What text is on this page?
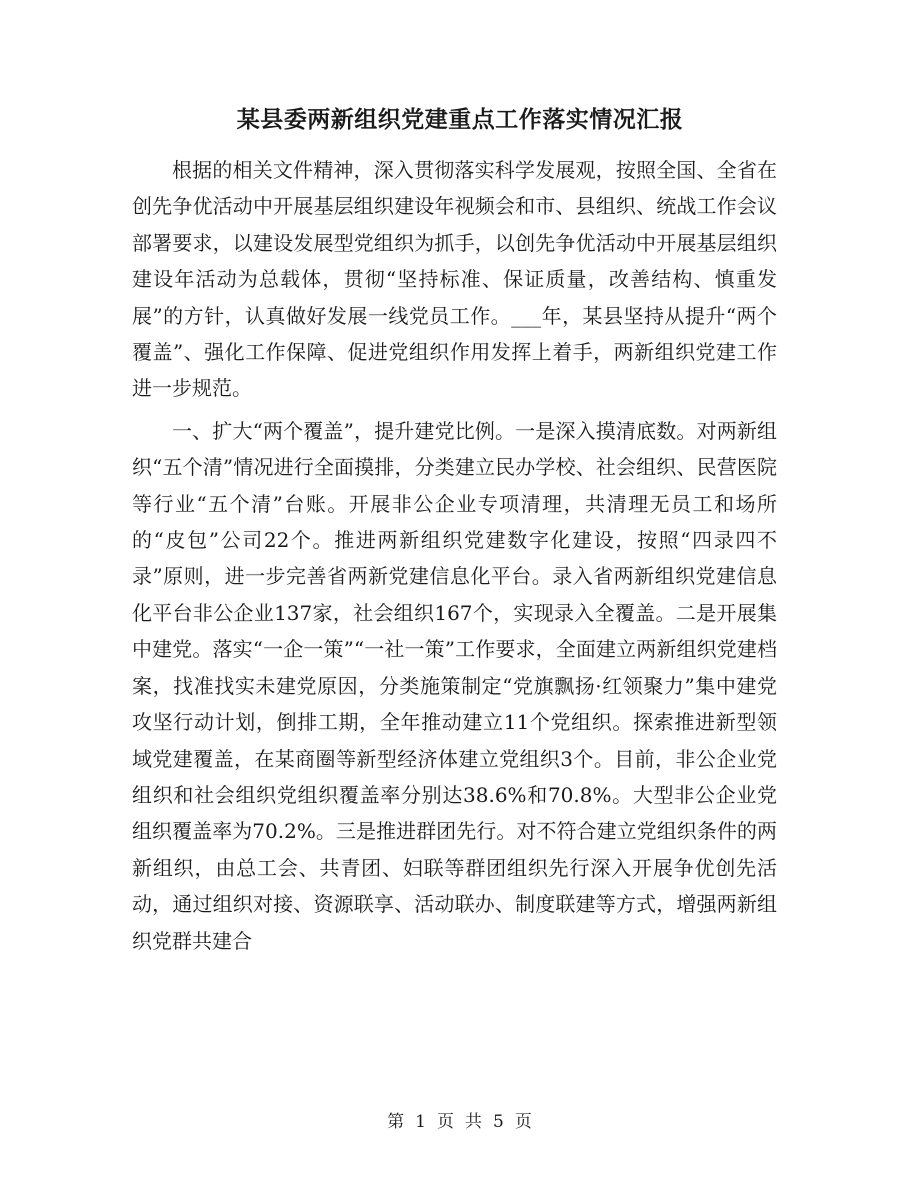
某县委两新组织党建重点工作落实情况汇报

根据的相关文件精神，深入贯彻落实科学发展观，按照全国、全省在创先争优活动中开展基层组织建设年视频会和市、县组织、统战工作会议部署要求，以建设发展型党组织为抓手，以创先争优活动中开展基层组织建设年活动为总载体，贯彻“坚持标准、保证质量，改善结构、慎重发展”的方针，认真做好发展一线党员工作。___年，某县坚持从提升“两个覆盖”、强化工作保障、促进党组织作用发挥上着手，两新组织党建工作进一步规范。

一、扩大“两个覆盖”，提升建党比例。一是深入摸清底数。对两新组织“五个清”情况进行全面摸排，分类建立民办学校、社会组织、民营医院等行业“五个清”台账。开展非公企业专项清理，共清理无员工和场所的“皮包”公司22个。推进两新组织党建数字化建设，按照“四录四不录”原则，进一步完善省两新党建信息化平台。录入省两新组织党建信息化平台非公企业137家，社会组织167个，实现录入全覆盖。二是开展集中建党。落实“一企一策”“一社一策”工作要求，全面建立两新组织党建档案，找准找实未建党原因，分类施策制定“党旗飘扬·红领聚力”集中建党攻坚行动计划，倒排工期，全年推动建立11个党组织。探索推进新型领域党建覆盖，在某商圈等新型经济体建立党组织3个。目前，非公企业党组织和社会组织党组织覆盖率分别达38.6%和70.8%。大型非公企业党组织覆盖率为70.2%。三是推进群团先行。对不符合建立党组织条件的两新组织，由总工会、共青团、妇联等群团组织先行深入开展争优创先活动，通过组织对接、资源联享、活动联办、制度联建等方式，增强两新组织党群共建合

第 1 页 共 5 页
